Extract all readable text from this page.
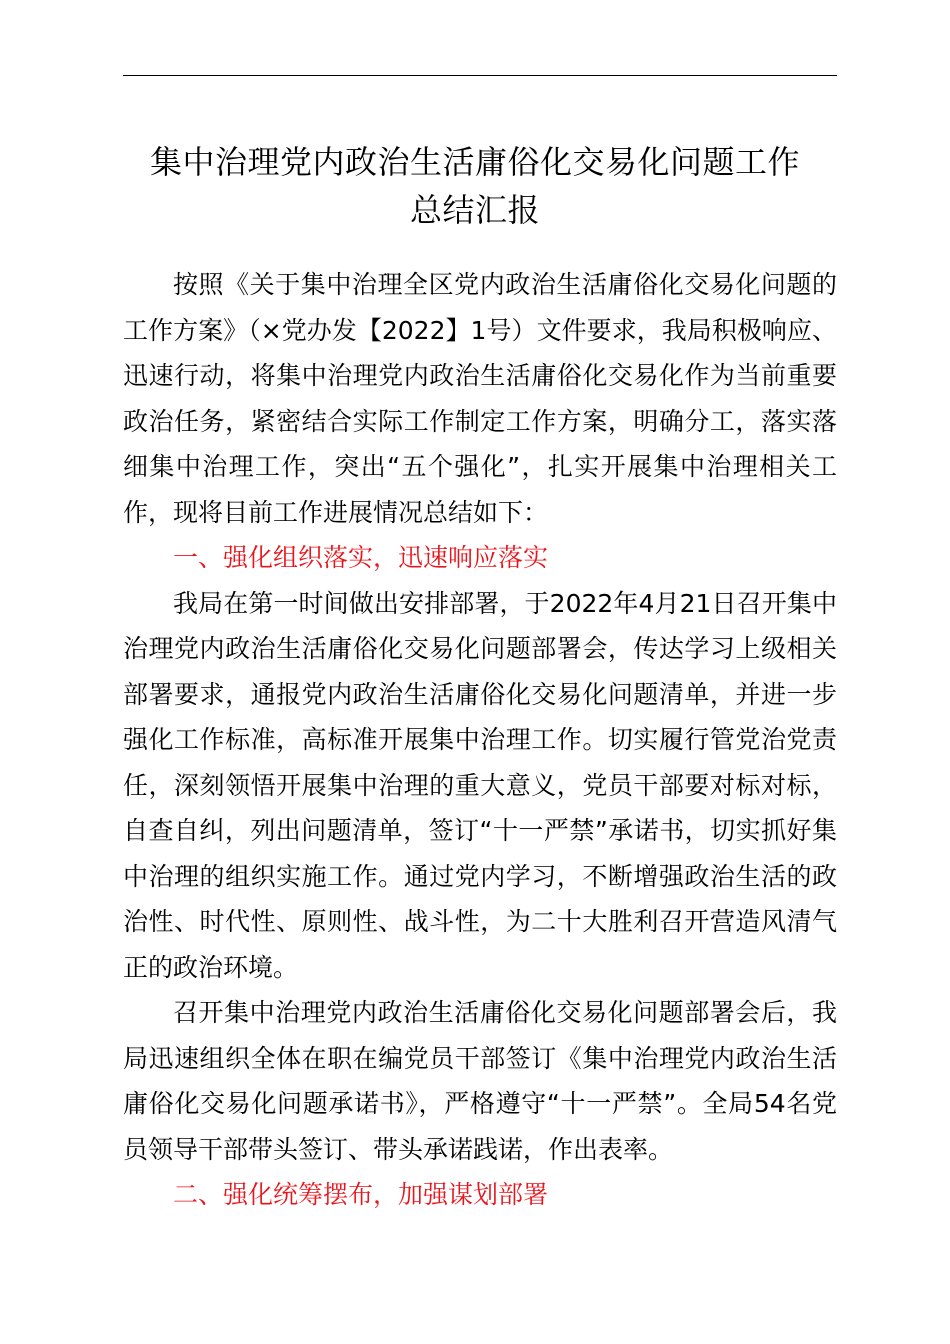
集中治理党内政治生活庸俗化交易化问题工作
总结汇报

按照《关于集中治理全区党内政治生活庸俗化交易化问题的工作方案》（×党办发【2022】1号）文件要求，我局积极响应、迅速行动，将集中治理党内政治生活庸俗化交易化作为当前重要政治任务，紧密结合实际工作制定工作方案，明确分工，落实落细集中治理工作，突出“五个强化”，扎实开展集中治理相关工作，现将目前工作进展情况总结如下：

一、强化组织落实，迅速响应落实

我局在第一时间做出安排部署，于2022年4月21日召开集中治理党内政治生活庸俗化交易化问题部署会，传达学习上级相关部署要求，通报党内政治生活庸俗化交易化问题清单，并进一步强化工作标准，高标准开展集中治理工作。切实履行管党治党责任，深刻领悟开展集中治理的重大意义，党员干部要对标对标，自查自纠，列出问题清单，签订“十一严禁”承诺书，切实抓好集中治理的组织实施工作。通过党内学习，不断增强政治生活的政治性、时代性、原则性、战斗性，为二十大胜利召开营造风清气正的政治环境。

召开集中治理党内政治生活庸俗化交易化问题部署会后，我局迅速组织全体在职在编党员干部签订《集中治理党内政治生活庸俗化交易化问题承诺书》，严格遵守“十一严禁”。全局54名党员领导干部带头签订、带头承诺践诺，作出表率。

二、强化统筹摆布，加强谋划部署
